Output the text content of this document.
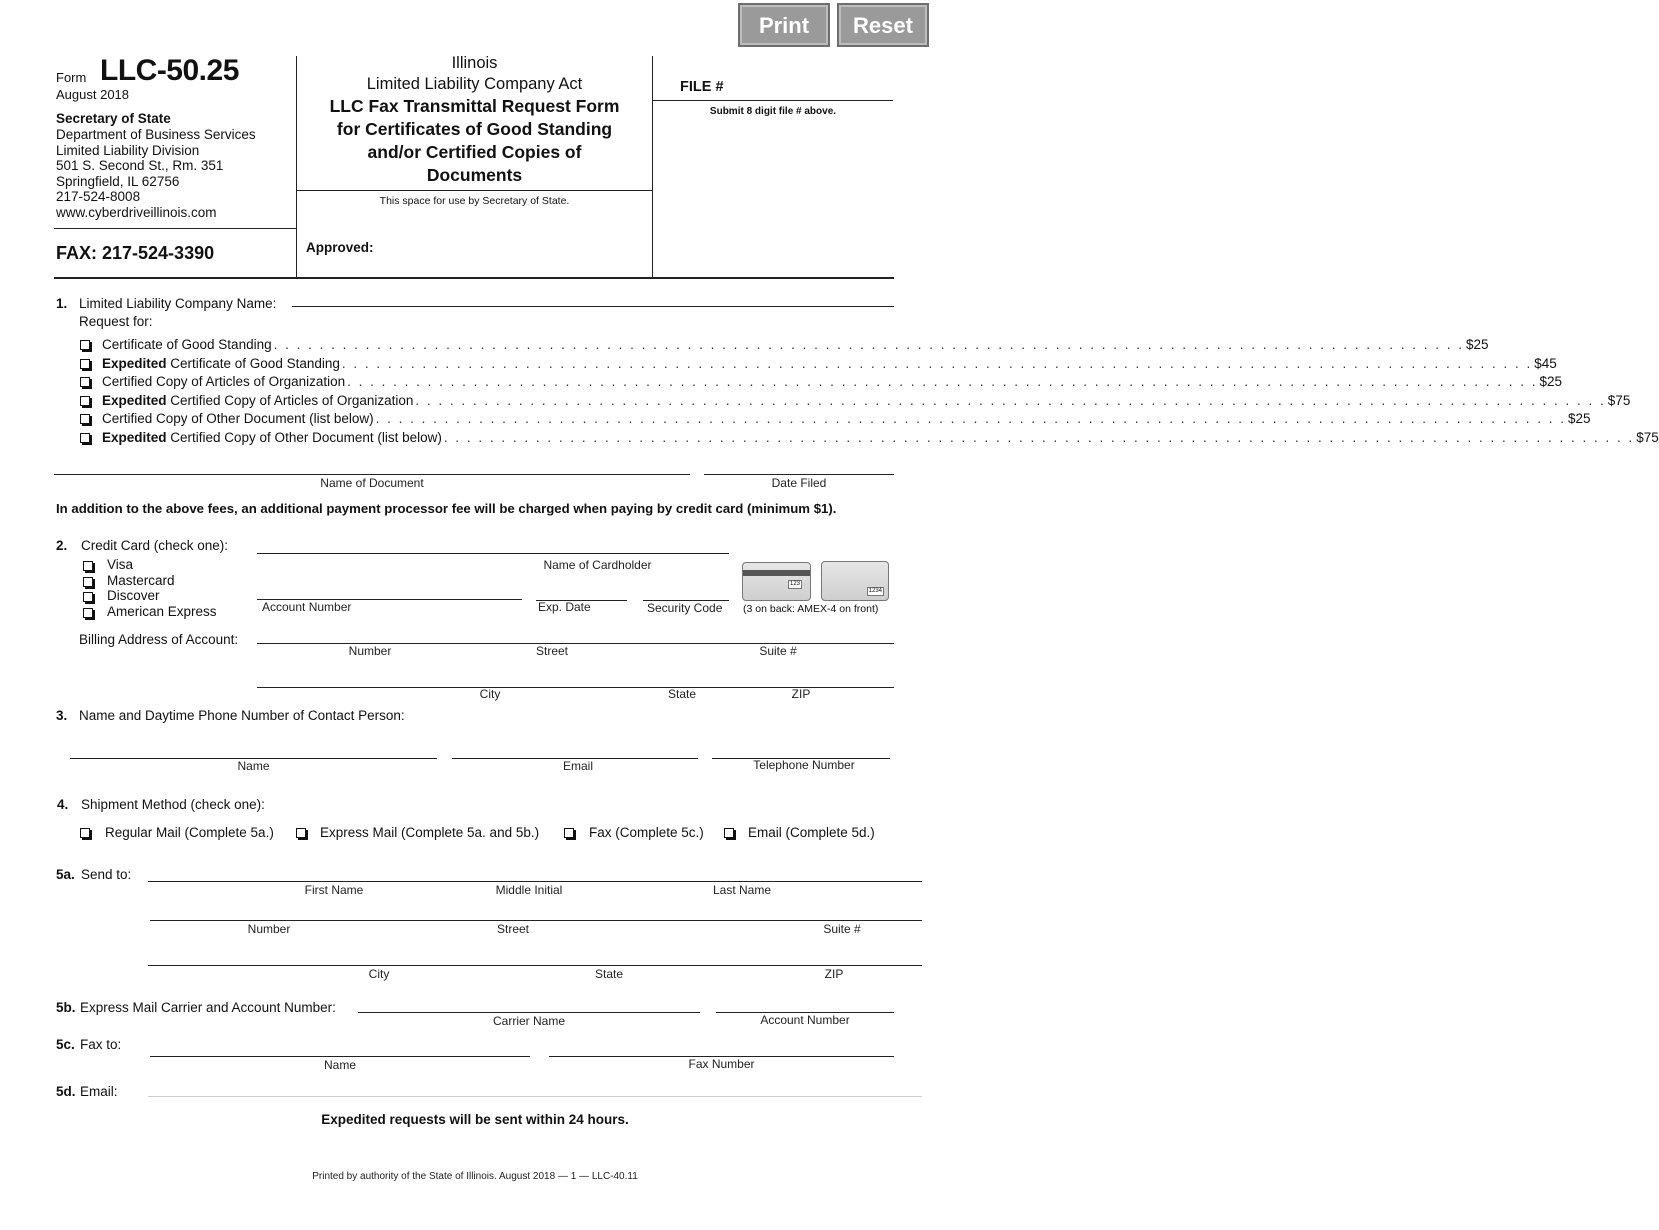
Print	Reset
Form LLC-50.25
August 2018
Secretary of State
Department of Business Services
Limited Liability Division
501 S. Second St., Rm. 351
Springfield, IL 62756
217-524-8008
www.cyberdriveillinois.com
FAX: 217-524-3390
Illinois
Limited Liability Company Act
LLC Fax Transmittal Request Form
for Certificates of Good Standing
and/or Certified Copies of
Documents
This space for use by Secretary of State.
Approved:
FILE #
Submit 8 digit file # above.
1. Limited Liability Company Name:
Request for:
Certificate of Good Standing . . . . . . . . . . . . . . . . . . . . . . . . . . . . . . . . . . . . . . . . . . . . . . . . . . . . . . . . . . . . . . . . . . . . . . . . . . . . . . . . . . . . . . . . . . . . . . . . . . . . . . . . $25
Expedited Certificate of Good Standing . . . . . . . . . . . . . . . . . . . . . . . . . . . . . . . . . . . . . . . . . . . . . . . . . . . . . . . . . . . . . . . . . . . . . . . . . . . . . . . . . . . . . . . . . . . . . . . . . . . . . . . . $45
Certified Copy of Articles of Organization . . . . . . . . . . . . . . . . . . . . . . . . . . . . . . . . . . . . . . . . . . . . . . . . . . . . . . . . . . . . . . . . . . . . . . . . . . . . . . . . . . . . . . . . . . . . . . . . . . . . . . . . $25
Expedited Certified Copy of Articles of Organization . . . . . . . . . . . . . . . . . . . . . . . . . . . . . . . . . . . . . . . . . . . . . . . . . . . . . . . . . . . . . . . . . . . . . . . . . . . . . . . . . . . . . . . . . . . . . . . . . . . . . . . . $75
Certified Copy of Other Document (list below) . . . . . . . . . . . . . . . . . . . . . . . . . . . . . . . . . . . . . . . . . . . . . . . . . . . . . . . . . . . . . . . . . . . . . . . . . . . . . . . . . . . . . . . . . . . . . . . . . . . . . . . . $25
Expedited Certified Copy of Other Document (list below) . . . . . . . . . . . . . . . . . . . . . . . . . . . . . . . . . . . . . . . . . . . . . . . . . . . . . . . . . . . . . . . . . . . . . . . . . . . . . . . . . . . . . . . . . . . . . . . . . . . . . . . . $75
Name of Document	Date Filed
In addition to the above fees, an additional payment processor fee will be charged when paying by credit card (minimum $1).
2. Credit Card (check one):
Visa
Mastercard
Discover
American Express
Name of Cardholder
Account Number	Exp. Date	Security Code
123
1234
(3 on back: AMEX-4 on front)
Billing Address of Account:
Number	Street	Suite #
City	State	ZIP
3. Name and Daytime Phone Number of Contact Person:
Name	Email	Telephone Number
4. Shipment Method (check one):
Regular Mail (Complete 5a.)	Express Mail (Complete 5a. and 5b.)	Fax (Complete 5c.)	Email (Complete 5d.)
5a. Send to:
First Name	Middle Initial	Last Name
Number	Street	Suite #
City	State	ZIP
5b. Express Mail Carrier and Account Number:
Carrier Name	Account Number
5c. Fax to:
Name	Fax Number
5d. Email:
Expedited requests will be sent within 24 hours.
Printed by authority of the State of Illinois. August 2018 — 1 — LLC-40.11
